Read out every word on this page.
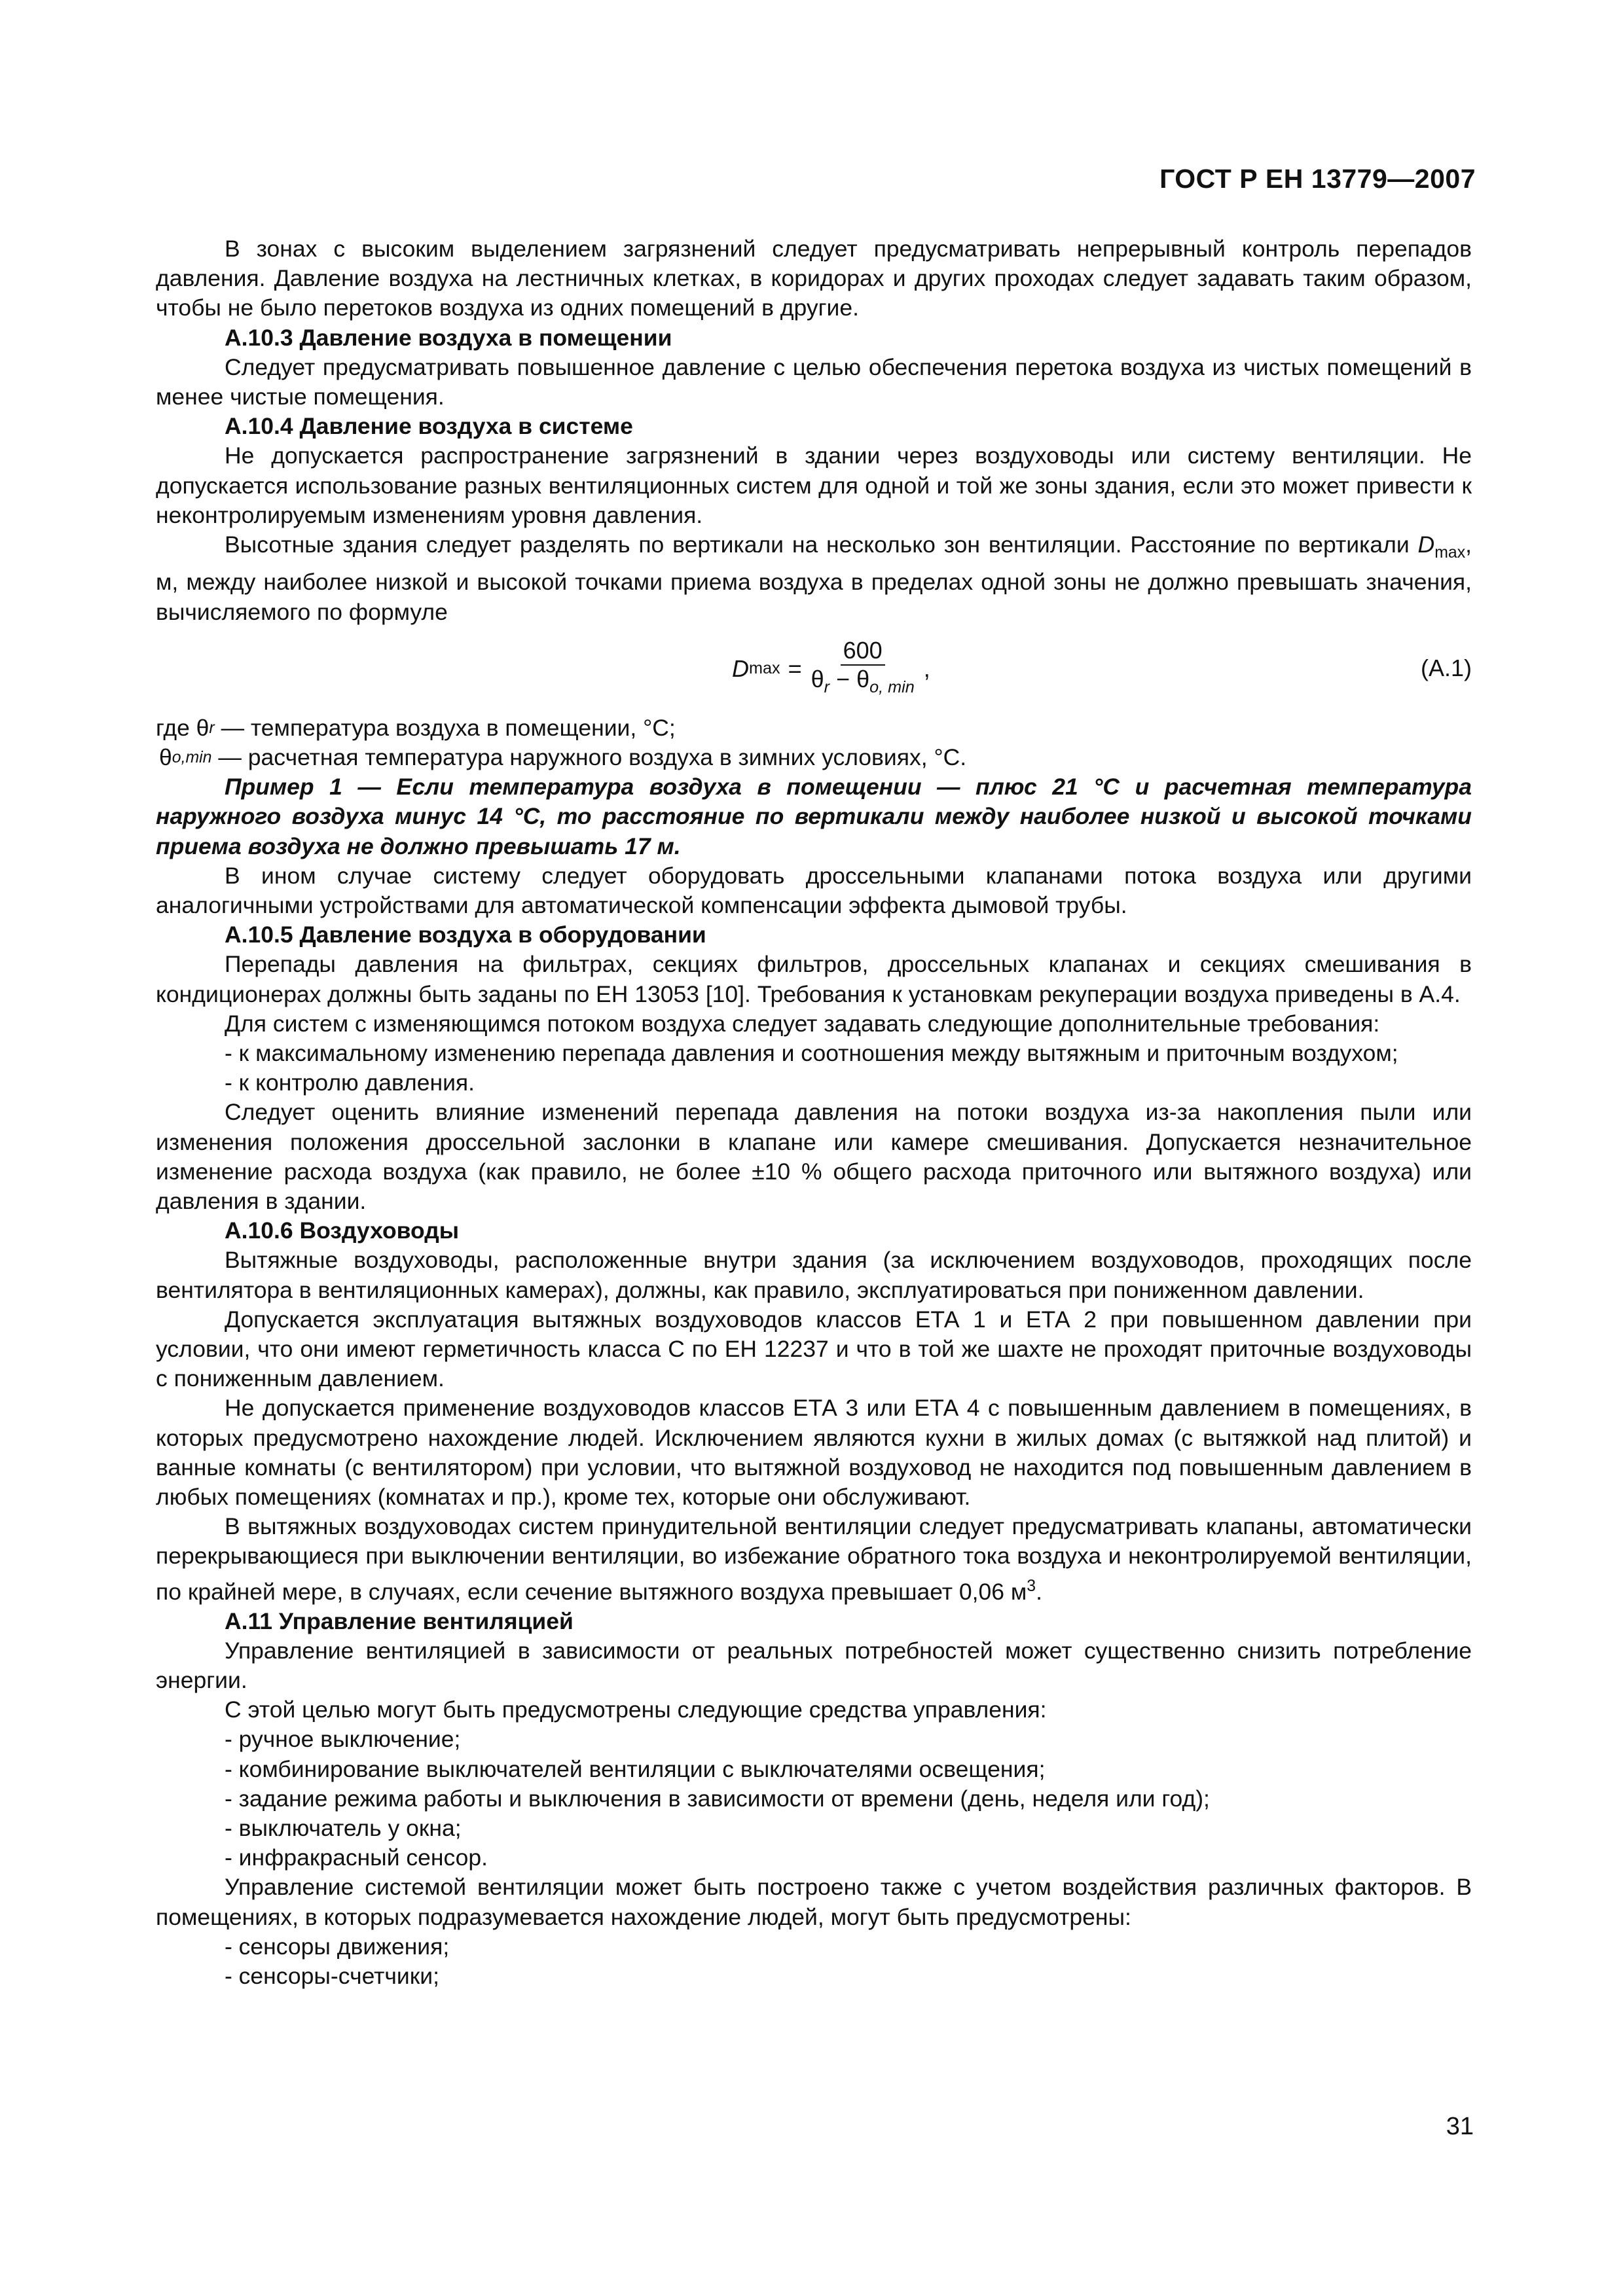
ГОСТ Р ЕН 13779—2007

В зонах с высоким выделением загрязнений следует предусматривать непрерывный контроль перепадов давления. Давление воздуха на лестничных клетках, в коридорах и других проходах следует задавать таким образом, чтобы не было перетоков воздуха из одних помещений в другие.

А.10.3 Давление воздуха в помещении

Следует предусматривать повышенное давление с целью обеспечения перетока воздуха из чистых помещений в менее чистые помещения.

А.10.4 Давление воздуха в системе

Не допускается распространение загрязнений в здании через воздуховоды или систему вентиляции. Не допускается использование разных вентиляционных систем для одной и той же зоны здания, если это может привести к неконтролируемым изменениям уровня давления.

Высотные здания следует разделять по вертикали на несколько зон вентиляции. Расстояние по вертикали $D_{max}$, м, между наиболее низкой и высокой точками приема воздуха в пределах одной зоны не должно превышать значения, вычисляемого по формуле

D $\max = \frac{600}{\theta_r - \theta_{o, min}}$ ,	(А.1)
где θ r — температура воздуха в помещении, °С;
θ o,min — расчетная температура наружного воздуха в зимних условиях, °С.

Пример 1 — Если температура воздуха в помещении — плюс 21 °С и расчетная температура наружного воздуха минус 14 °С, то расстояние по вертикали между наиболее низкой и высокой точками приема воздуха не должно превышать 17 м.

В ином случае систему следует оборудовать дроссельными клапанами потока воздуха или другими аналогичными устройствами для автоматической компенсации эффекта дымовой трубы.

А.10.5 Давление воздуха в оборудовании

Перепады давления на фильтрах, секциях фильтров, дроссельных клапанах и секциях смешивания в кондиционерах должны быть заданы по ЕН 13053 [10]. Требования к установкам рекуперации воздуха приведены в А.4.

Для систем с изменяющимся потоком воздуха следует задавать следующие дополнительные требования:

- к максимальному изменению перепада давления и соотношения между вытяжным и приточным воздухом;

- к контролю давления.

Следует оценить влияние изменений перепада давления на потоки воздуха из-за накопления пыли или изменения положения дроссельной заслонки в клапане или камере смешивания. Допускается незначительное изменение расхода воздуха (как правило, не более ±10 % общего расхода приточного или вытяжного воздуха) или давления в здании.

А.10.6 Воздуховоды

Вытяжные воздуховоды, расположенные внутри здания (за исключением воздуховодов, проходящих после вентилятора в вентиляционных камерах), должны, как правило, эксплуатироваться при пониженном давлении.

Допускается эксплуатация вытяжных воздуховодов классов ЕТА 1 и ЕТА 2 при повышенном давлении при условии, что они имеют герметичность класса С по ЕН 12237 и что в той же шахте не проходят приточные воздуховоды с пониженным давлением.

Не допускается применение воздуховодов классов ЕТА 3 или ЕТА 4 с повышенным давлением в помещениях, в которых предусмотрено нахождение людей. Исключением являются кухни в жилых домах (с вытяжкой над плитой) и ванные комнаты (с вентилятором) при условии, что вытяжной воздуховод не находится под повышенным давлением в любых помещениях (комнатах и пр.), кроме тех, которые они обслуживают.

В вытяжных воздуховодах систем принудительной вентиляции следует предусматривать клапаны, автоматически перекрывающиеся при выключении вентиляции, во избежание обратного тока воздуха и неконтролируемой вентиляции, по крайней мере, в случаях, если сечение вытяжного воздуха превышает 0,06 $м^3$.

А.11 Управление вентиляцией

Управление вентиляцией в зависимости от реальных потребностей может существенно снизить потребление энергии.

С этой целью могут быть предусмотрены следующие средства управления:

- ручное выключение;

- комбинирование выключателей вентиляции с выключателями освещения;

- задание режима работы и выключения в зависимости от времени (день, неделя или год);

- выключатель у окна;

- инфракрасный сенсор.

Управление системой вентиляции может быть построено также с учетом воздействия различных факторов. В помещениях, в которых подразумевается нахождение людей, могут быть предусмотрены:

- сенсоры движения;

- сенсоры-счетчики;

31
